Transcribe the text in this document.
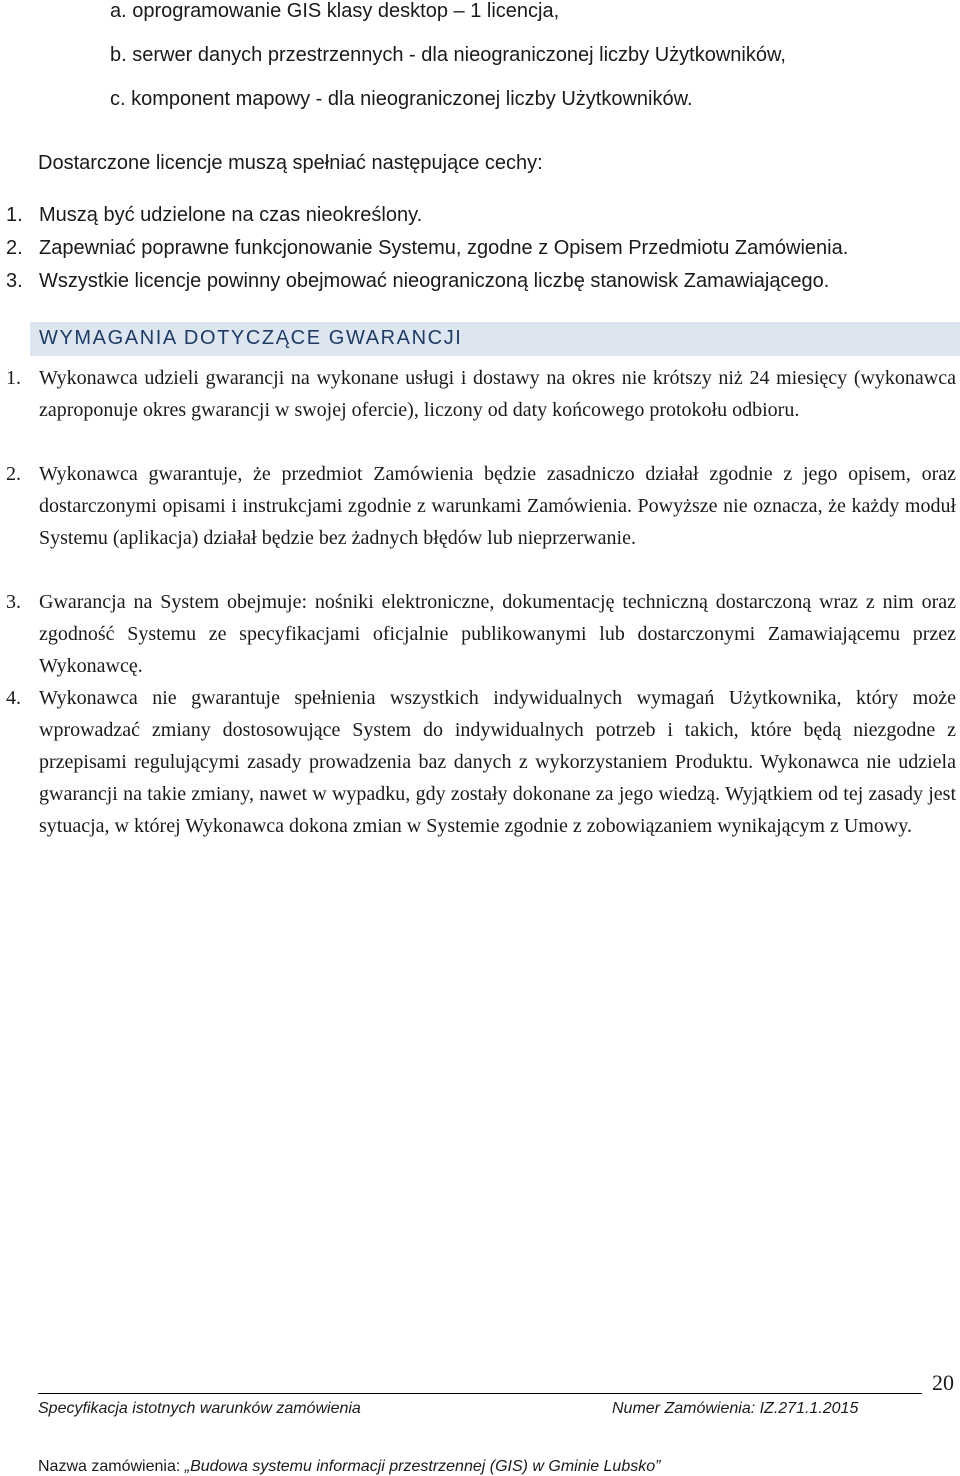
a. oprogramowanie GIS klasy desktop – 1 licencja,
b. serwer danych przestrzennych - dla nieograniczonej liczby Użytkowników,
c. komponent mapowy - dla nieograniczonej liczby Użytkowników.
Dostarczone licencje muszą spełniać następujące cechy:
1. Muszą być udzielone na czas nieokreślony.
2. Zapewniać poprawne funkcjonowanie Systemu, zgodne z Opisem Przedmiotu Zamówienia.
3. Wszystkie licencje powinny obejmować nieograniczoną liczbę stanowisk Zamawiającego.
WYMAGANIA DOTYCZĄCE GWARANCJI
1. Wykonawca udzieli gwarancji na wykonane usługi i dostawy na okres nie krótszy niż 24 miesięcy (wykonawca zaproponuje okres gwarancji w swojej ofercie), liczony od daty końcowego protokołu odbioru.
2. Wykonawca gwarantuje, że przedmiot Zamówienia będzie zasadniczo działał zgodnie z jego opisem, oraz dostarczonymi opisami i instrukcjami zgodnie z warunkami Zamówienia. Powyższe nie oznacza, że każdy moduł Systemu (aplikacja) działał będzie bez żadnych błędów lub nieprzerwanie.
3. Gwarancja na System obejmuje: nośniki elektroniczne, dokumentację techniczną dostarczoną wraz z nim oraz zgodność Systemu ze specyfikacjami oficjalnie publikowanymi lub dostarczonymi Zamawiającemu przez Wykonawcę.
4. Wykonawca nie gwarantuje spełnienia wszystkich indywidualnych wymagań Użytkownika, który może wprowadzać zmiany dostosowujące System do indywidualnych potrzeb i takich, które będą niezgodne z przepisami regulującymi zasady prowadzenia baz danych z wykorzystaniem Produktu. Wykonawca nie udziela gwarancji na takie zmiany, nawet w wypadku, gdy zostały dokonane za jego wiedzą. Wyjątkiem od tej zasady jest sytuacja, w której Wykonawca dokona zmian w Systemie zgodnie z zobowiązaniem wynikającym z Umowy.
20
Specyfikacja istotnych warunków zamówienia	Numer Zamówienia: IZ.271.1.2015
Nazwa zamówienia: „Budowa systemu informacji przestrzennej (GIS) w Gminie Lubsko”
